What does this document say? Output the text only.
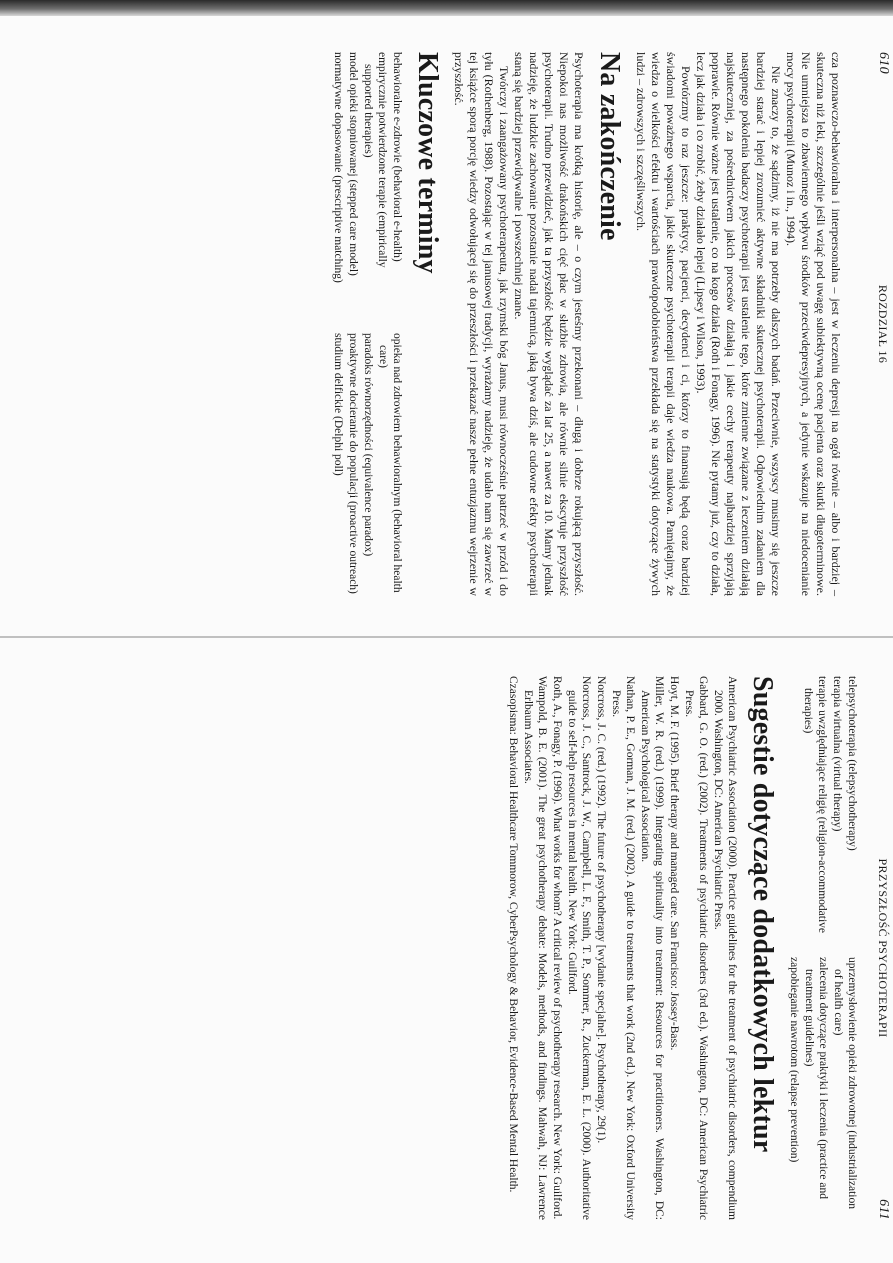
610
ROZDZIAŁ 16

cza poznawczo-behawioralna i interpersonalna – jest w leczeniu depresji na ogół równie – albo i bardziej – skuteczna niż leki, szczególnie jeśli wziąć pod uwagę subiektywną ocenę pacjenta oraz skutki długoterminowe. Nie umniejsza to zbawiennego wpływu środków przeciwdepresyjnych, a jedynie wskazuje na niedocenianie mocy psychoterapii (Munoz i in., 1994).

Nie znaczy to, że sądzimy, iż nie ma potrzeby dalszych badań. Przeciwnie, wszyscy musimy się jeszcze bardziej starać i lepiej zrozumieć aktywne składniki skutecznej psychoterapii. Odpowiednim zadaniem dla następnego pokolenia badaczy psychoterapii jest ustalenie tego, które zmienne związane z leczeniem działają najskuteczniej, za pośrednictwem jakich procesów działają i jakie cechy terapeuty najbardziej sprzyjają poprawie. Równie ważne jest ustalenie, co na kogo działa (Roth i Fonagy, 1996). Nie pytamy już, czy to działa, lecz jak działa i co zrobić, żeby działało lepiej (Lipsey i Wilson, 1993).

Powtórzmy to raz jeszcze: praktycy, pacjenci, decydenci i ci, którzy to finansują będą coraz bardziej świadomi poważnego wsparcia, jakie skuteczne psychoterapii terapii daje wiedza naukowa. Pamiętajmy, że wiedza o wielkości efektu i wartościach prawdopodobieństwa przekłada się na statystyki dotyczące żywych ludzi – zdrowszych i szczęśliwszych.

Na zakończenie

Psychoterapia ma krótką historię, ale – o czym jesteśmy przekonani – długą i dobrze rokującą przyszłość. Niepokoi nas możliwość drakońskich cięć płac w służbie zdrowia, ale równie silnie ekscytuje przyszłość psychoterapii. Trudno przewidzieć, jak ta przyszłość będzie wyglądać za lat 25, a nawet za 10. Mamy jednak nadzieję, że ludzkie zachowanie pozostanie nadal tajemnicą, jaką bywa dziś, ale cudowne efekty psychoterapii staną się bardziej przewidywalne i powszechniej znane.

Twórczy i zaangażowany psychoterapeuta, jak rzymski bóg Janus, musi równocześnie patrzeć w przód i do tyłu (Rothenberg, 1988). Pozostając w tej janusowej tradycji, wyrażamy nadzieję, że udało nam się zawrzeć w tej książce sporą porcję wiedzy odwołującej się do przeszłości i przekazać nasze pełne entuzjazmu wejrzenie w przyszłość.

Kluczowe terminy
behawioralne e-zdrowie (behavioral e-health)
empirycznie potwierdzone terapie (empirically supported therapies)
model opieki stopniowanej (stepped care model)
normatywne dopasowanie (prescriptive matching)
opieka nad zdrowiem behawioralnym (behavioral health care)
paradoks równorzędności (equivalence paradox)
proaktywne docieranie do populacji (proactive outreach)
studium delfickie (Delphi poll)
PRZYSZŁOŚĆ PSYCHOTERAPII
611
telepsychoterapia (telepsychotherapy)
terapia wirtualna (virtual therapy)
terapie uwzględniające religię (religion-accommodative therapies)
uprzemysłowienie opieki zdrowotnej (industrialization of health care)
zalecenia dotyczące praktyki i leczenia (practice and treatment guidelines)
zapobieganie nawrotom (relapse prevention)
Sugestie dotyczące dodatkowych lektur

American Psychiatric Association (2000). Practice guidelines for the treatment of psychiatric disorders, compendium 2000. Washington, DC: American Psychiatric Press.

Gabbard, G. O. (red.) (2002). Treatments of psychiatric disorders (3rd ed.). Washington, DC: American Psychiatric Press.

Hoyt, M. F. (1995). Brief therapy and managed care. San Francisco: Jossey-Bass.

Miller, W. R. (red.) (1999). Integrating spirituality into treatment: Resources for practitioners. Washington, DC: American Psychological Association.

Nathan, P. E., Gorman, J. M. (red.) (2002). A guide to treatments that work (2nd ed.). New York: Oxford University Press.

Norcross, J. C. (red.) (1992). The future of psychotherapy [wydanie specjalne]. Psychotherapy, 29(1).

Norcross, J. C., Santrock, J. W., Campbell, L. F., Smith, T. P., Sommer, R., Zuckerman, E. L. (2000). Authoritative guide to self-help resources in mental health. New York: Guilford.

Roth, A., Fonagy, P. (1996). What works for whom? A critical review of psychotherapy research. New York: Guilford.

Wampold, B. E. (2001). The great psychotherapy debate: Models, methods, and findings. Mahwah, NJ: Lawrence Erlbaum Associates.

Czasopisma: Behavioral Healthcare Tommorow, CyberPsychology & Behavior, Evidence-Based Mental Health.
